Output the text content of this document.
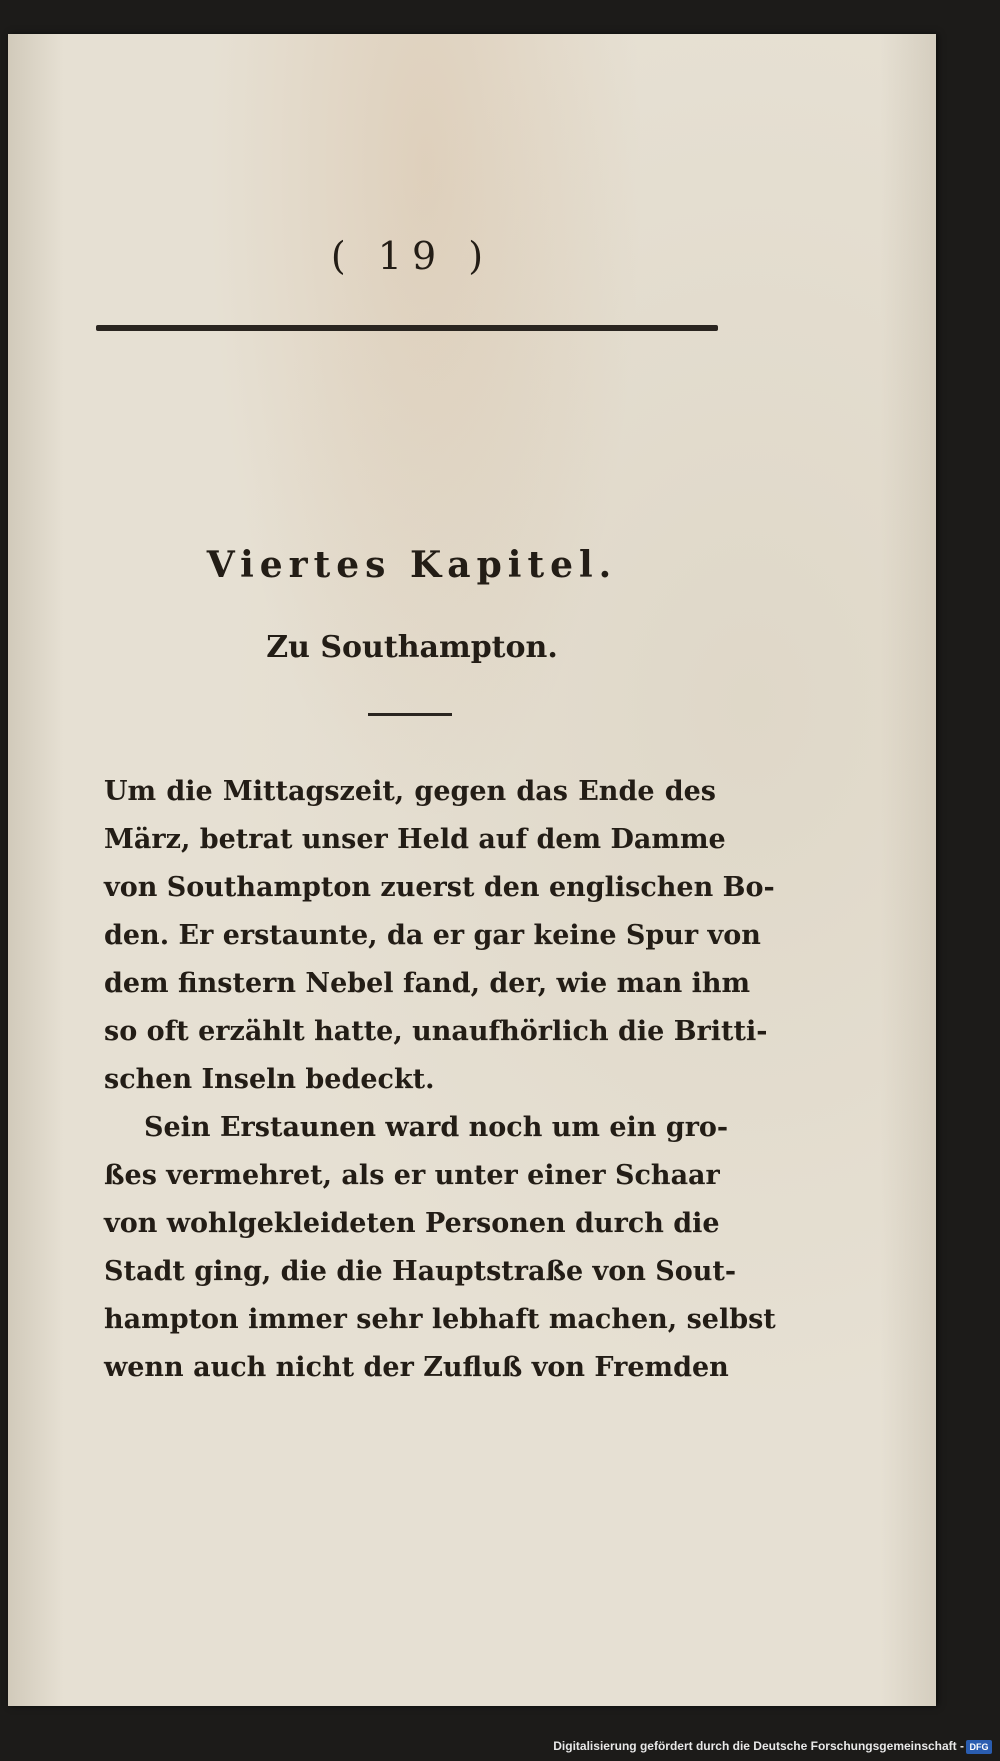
( 19 )
Viertes Kapitel.
Zu Southampton.
Um die Mittagszeit, gegen das Ende des
März, betrat unser Held auf dem Damme
von Southampton zuerst den englischen Bo-
den. Er erstaunte, da er gar keine Spur von
dem finstern Nebel fand, der, wie man ihm
so oft erzählt hatte, unaufhörlich die Britti-
schen Inseln bedeckt.
Sein Erstaunen ward noch um ein gro-
ßes vermehret, als er unter einer Schaar
von wohlgekleideten Personen durch die
Stadt ging, die die Hauptstraße von Sout-
hampton immer sehr lebhaft machen, selbst
wenn auch nicht der Zufluß von Fremden
Digitalisierung gefördert durch die Deutsche Forschungsgemeinschaft - DFG
